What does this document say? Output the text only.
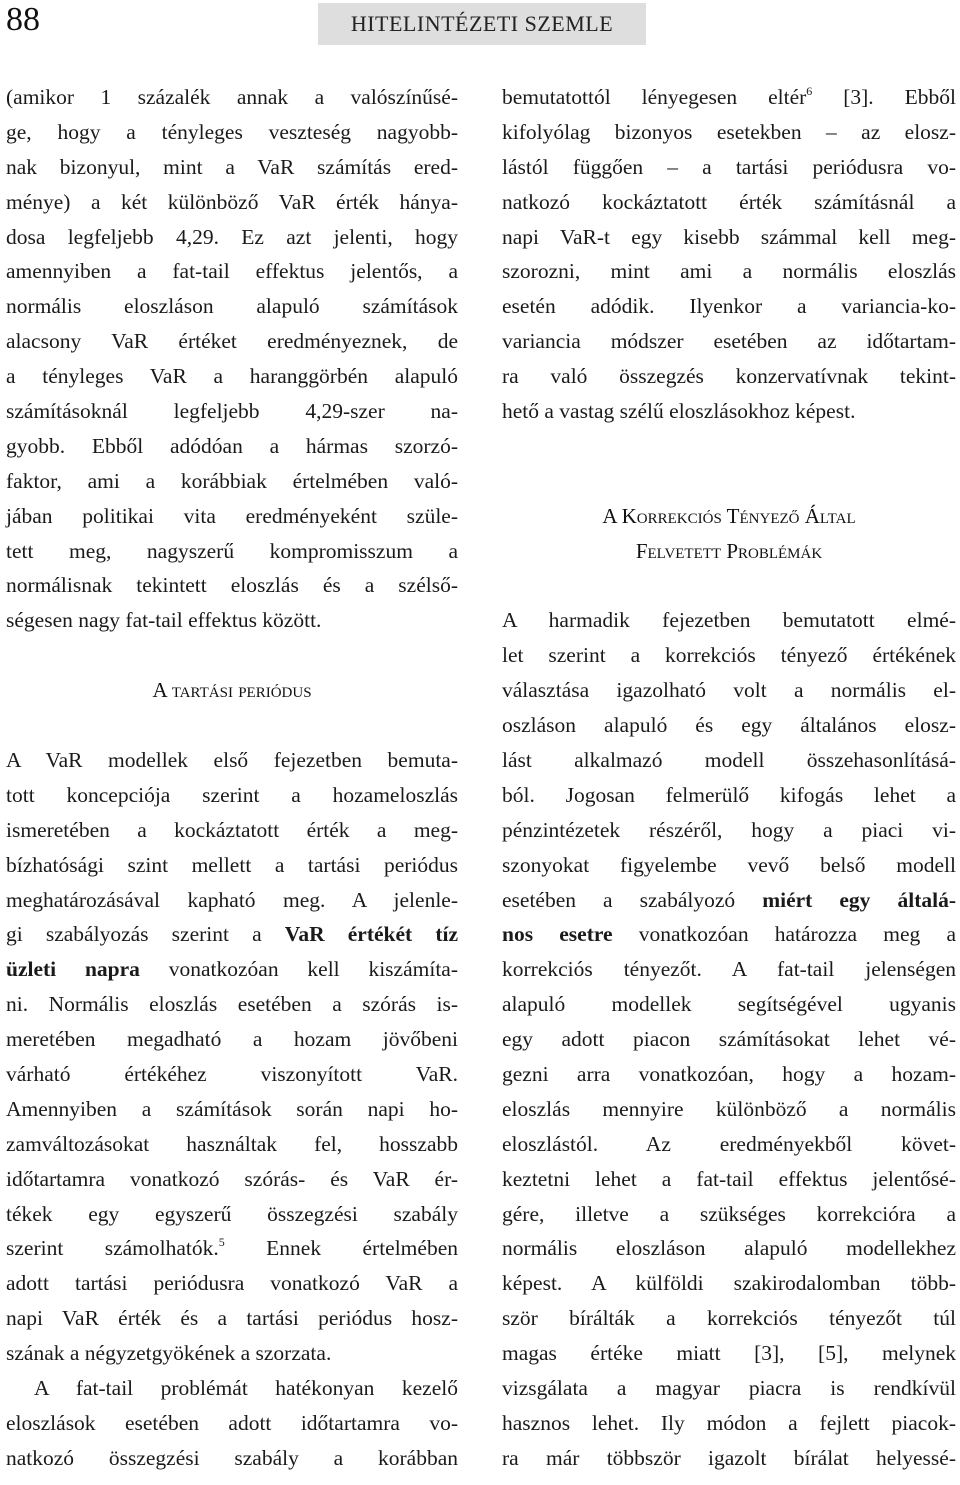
88	HITELINTÉZETI SZEMLE
(amikor 1 százalék annak a valószínűsé-
ge, hogy a tényleges veszteség nagyobb-
nak bizonyul, mint a VaR számítás ered-
ménye) a két különböző VaR érték hánya-
dosa legfeljebb 4,29. Ez azt jelenti, hogy
amennyiben a fat-tail effektus jelentős, a
normális eloszláson alapuló számítások
alacsony VaR értéket eredményeznek, de
a tényleges VaR a haranggörbén alapuló
számításoknál legfeljebb 4,29-szer na-
gyobb. Ebből adódóan a hármas szorzó-
faktor, ami a korábbiak értelmében való-
jában politikai vita eredményeként szüle-
tett meg, nagyszerű kompromisszum a
normálisnak tekintett eloszlás és a szélső-
ségesen nagy fat-tail effektus között.
A tartási periódus
A VaR modellek első fejezetben bemuta-
tott koncepciója szerint a hozameloszlás
ismeretében a kockáztatott érték a meg-
bízhatósági szint mellett a tartási periódus
meghatározásával kapható meg. A jelenle-
gi szabályozás szerint a VaR értékét tíz
üzleti napra vonatkozóan kell kiszámíta-
ni. Normális eloszlás esetében a szórás is-
meretében megadható a hozam jövőbeni
várható értékéhez viszonyított VaR.
Amennyiben a számítások során napi ho-
zamváltozásokat használtak fel, hosszabb
időtartamra vonatkozó szórás- és VaR ér-
tékek egy egyszerű összegzési szabály
szerint számolhatók.$^5$ Ennek értelmében
adott tartási periódusra vonatkozó VaR a
napi VaR érték és a tartási periódus hosz-
szának a négyzetgyökének a szorzata.
A fat-tail problémát hatékonyan kezelő
eloszlások esetében adott időtartamra vo-
natkozó összegzési szabály a korábban
bemutatottól lényegesen eltér$^6$ [3]. Ebből
kifolyólag bizonyos esetekben – az elosz-
lástól függően – a tartási periódusra vo-
natkozó kockáztatott érték számításnál a
napi VaR-t egy kisebb számmal kell meg-
szorozni, mint ami a normális eloszlás
esetén adódik. Ilyenkor a variancia-ko-
variancia módszer esetében az időtartam-
ra való összegzés konzervatívnak tekint-
hető a vastag szélű eloszlásokhoz képest.
A Korrekciós Tényező Által
Felvetett Problémák
A harmadik fejezetben bemutatott elmé-
let szerint a korrekciós tényező értékének
választása igazolható volt a normális el-
oszláson alapuló és egy általános elosz-
lást alkalmazó modell összehasonlításá-
ból. Jogosan felmerülő kifogás lehet a
pénzintézetek részéről, hogy a piaci vi-
szonyokat figyelembe vevő belső modell
esetében a szabályozó miért egy általá-
nos esetre vonatkozóan határozza meg a
korrekciós tényezőt. A fat-tail jelenségen
alapuló modellek segítségével ugyanis
egy adott piacon számításokat lehet vé-
gezni arra vonatkozóan, hogy a hozam-
eloszlás mennyire különböző a normális
eloszlástól. Az eredményekből követ-
keztetni lehet a fat-tail effektus jelentősé-
gére, illetve a szükséges korrekcióra a
normális eloszláson alapuló modellekhez
képest. A külföldi szakirodalomban több-
ször bírálták a korrekciós tényezőt túl
magas értéke miatt [3], [5], melynek
vizsgálata a magyar piacra is rendkívül
hasznos lehet. Ily módon a fejlett piacok-
ra már többször igazolt bírálat helyessé-
